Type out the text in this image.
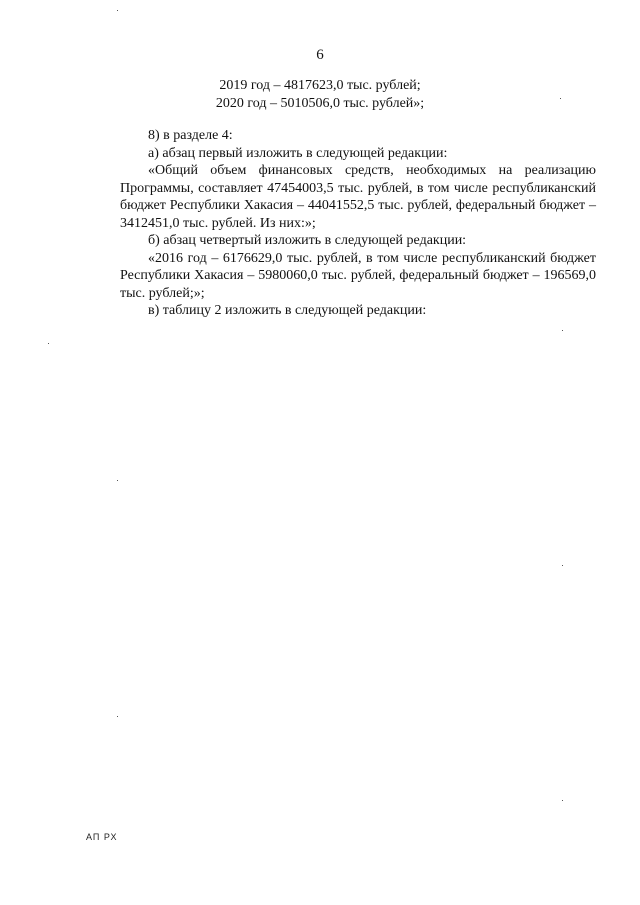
6
2019 год – 4817623,0 тыс. рублей;
2020 год – 5010506,0 тыс. рублей»;

8) в разделе 4:

а) абзац первый изложить в следующей редакции:

«Общий объем финансовых средств, необходимых на реализацию Программы, составляет 47454003,5 тыс. рублей, в том числе республиканский бюджет Республики Хакасия – 44041552,5 тыс. рублей, федеральный бюджет – 3412451,0 тыс. рублей. Из них:»;

б) абзац четвертый изложить в следующей редакции:

«2016 год – 6176629,0 тыс. рублей, в том числе республиканский бюджет Республики Хакасия – 5980060,0 тыс. рублей, федеральный бюджет – 196569,0 тыс. рублей;»;

в) таблицу 2 изложить в следующей редакции:

АП РХ
